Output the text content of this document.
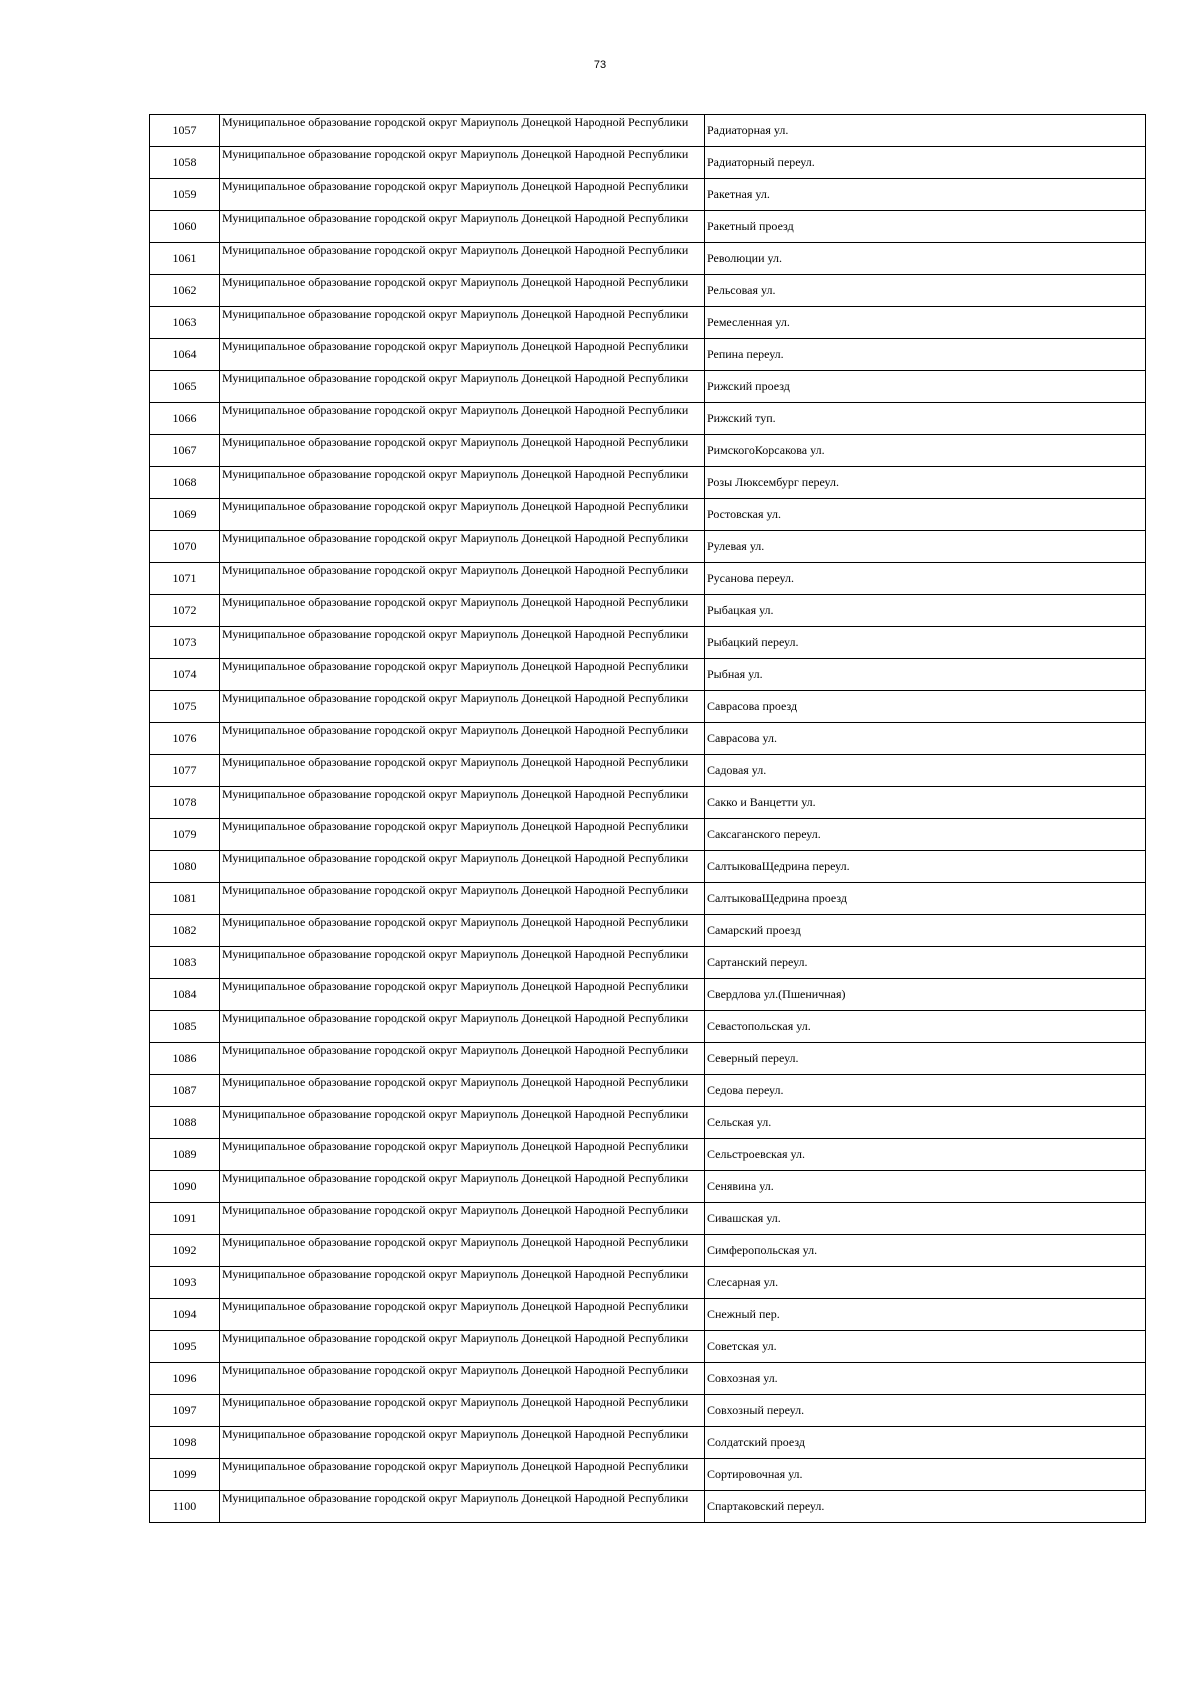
73
1057	Муниципальное образование городской округ Мариуполь Донецкой Народной Республики	Радиаторная ул.
1058	Муниципальное образование городской округ Мариуполь Донецкой Народной Республики	Радиаторный переул.
1059	Муниципальное образование городской округ Мариуполь Донецкой Народной Республики	Ракетная ул.
1060	Муниципальное образование городской округ Мариуполь Донецкой Народной Республики	Ракетный проезд
1061	Муниципальное образование городской округ Мариуполь Донецкой Народной Республики	Революции ул.
1062	Муниципальное образование городской округ Мариуполь Донецкой Народной Республики	Рельсовая ул.
1063	Муниципальное образование городской округ Мариуполь Донецкой Народной Республики	Ремесленная ул.
1064	Муниципальное образование городской округ Мариуполь Донецкой Народной Республики	Репина переул.
1065	Муниципальное образование городской округ Мариуполь Донецкой Народной Республики	Рижский проезд
1066	Муниципальное образование городской округ Мариуполь Донецкой Народной Республики	Рижский туп.
1067	Муниципальное образование городской округ Мариуполь Донецкой Народной Республики	РимскогоКорсакова ул.
1068	Муниципальное образование городской округ Мариуполь Донецкой Народной Республики	Розы Люксембург переул.
1069	Муниципальное образование городской округ Мариуполь Донецкой Народной Республики	Ростовская ул.
1070	Муниципальное образование городской округ Мариуполь Донецкой Народной Республики	Рулевая ул.
1071	Муниципальное образование городской округ Мариуполь Донецкой Народной Республики	Русанова переул.
1072	Муниципальное образование городской округ Мариуполь Донецкой Народной Республики	Рыбацкая ул.
1073	Муниципальное образование городской округ Мариуполь Донецкой Народной Республики	Рыбацкий переул.
1074	Муниципальное образование городской округ Мариуполь Донецкой Народной Республики	Рыбная ул.
1075	Муниципальное образование городской округ Мариуполь Донецкой Народной Республики	Саврасова проезд
1076	Муниципальное образование городской округ Мариуполь Донецкой Народной Республики	Саврасова ул.
1077	Муниципальное образование городской округ Мариуполь Донецкой Народной Республики	Садовая ул.
1078	Муниципальное образование городской округ Мариуполь Донецкой Народной Республики	Сакко и Ванцетти ул.
1079	Муниципальное образование городской округ Мариуполь Донецкой Народной Республики	Саксаганского переул.
1080	Муниципальное образование городской округ Мариуполь Донецкой Народной Республики	СалтыковаЩедрина переул.
1081	Муниципальное образование городской округ Мариуполь Донецкой Народной Республики	СалтыковаЩедрина проезд
1082	Муниципальное образование городской округ Мариуполь Донецкой Народной Республики	Самарский проезд
1083	Муниципальное образование городской округ Мариуполь Донецкой Народной Республики	Сартанский переул.
1084	Муниципальное образование городской округ Мариуполь Донецкой Народной Республики	Свердлова ул.(Пшеничная)
1085	Муниципальное образование городской округ Мариуполь Донецкой Народной Республики	Севастопольская ул.
1086	Муниципальное образование городской округ Мариуполь Донецкой Народной Республики	Северный переул.
1087	Муниципальное образование городской округ Мариуполь Донецкой Народной Республики	Седова переул.
1088	Муниципальное образование городской округ Мариуполь Донецкой Народной Республики	Сельская ул.
1089	Муниципальное образование городской округ Мариуполь Донецкой Народной Республики	Сельстроевская ул.
1090	Муниципальное образование городской округ Мариуполь Донецкой Народной Республики	Сенявина ул.
1091	Муниципальное образование городской округ Мариуполь Донецкой Народной Республики	Сивашская ул.
1092	Муниципальное образование городской округ Мариуполь Донецкой Народной Республики	Симферопольская ул.
1093	Муниципальное образование городской округ Мариуполь Донецкой Народной Республики	Слесарная ул.
1094	Муниципальное образование городской округ Мариуполь Донецкой Народной Республики	Снежный пер.
1095	Муниципальное образование городской округ Мариуполь Донецкой Народной Республики	Советская ул.
1096	Муниципальное образование городской округ Мариуполь Донецкой Народной Республики	Совхозная ул.
1097	Муниципальное образование городской округ Мариуполь Донецкой Народной Республики	Совхозный переул.
1098	Муниципальное образование городской округ Мариуполь Донецкой Народной Республики	Солдатский проезд
1099	Муниципальное образование городской округ Мариуполь Донецкой Народной Республики	Сортировочная ул.
1100	Муниципальное образование городской округ Мариуполь Донецкой Народной Республики	Спартаковский переул.
